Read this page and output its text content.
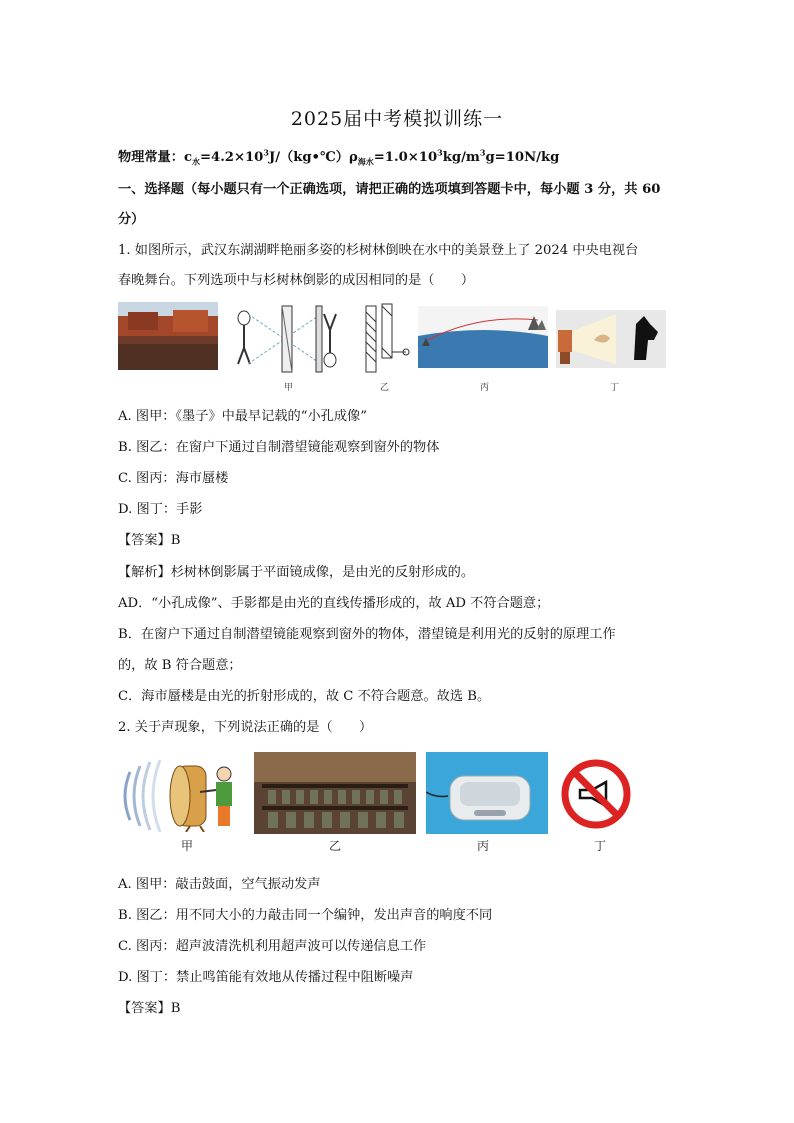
2025届中考模拟训练一
物理常量：$c_水=4.2\times 10^3J/(kg•℃)\rho_{海水}=1.0\times 10^3kg/m^3g=10N/kg$
一、选择题（每小题只有一个正确选项，请把正确的选项填到答题卡中，每小题 3 分，共 60
分）
1. 如图所示，武汉东湖湖畔艳丽多姿的杉树林倒映在水中的美景登上了 2024 中央电视台
春晚舞台。下列选项中与杉树林倒影的成因相同的是（　　）
甲	乙	丙	丁
A. 图甲：《墨子》中最早记载的“小孔成像”
B. 图乙：在窗户下通过自制潜望镜能观察到窗外的物体
C. 图丙：海市蜃楼
D. 图丁：手影
【答案】B
【解析】杉树林倒影属于平面镜成像，是由光的反射形成的。
AD．“小孔成像”、手影都是由光的直线传播形成的，故 AD 不符合题意；
B．在窗户下通过自制潜望镜能观察到窗外的物体，潜望镜是利用光的反射的原理工作
的，故 B 符合题意；
C．海市蜃楼是由光的折射形成的，故 C 不符合题意。故选 B。
2. 关于声现象，下列说法正确的是（　　）
甲	乙	丙	丁
A. 图甲：敲击鼓面，空气振动发声
B. 图乙：用不同大小的力敲击同一个编钟，发出声音的响度不同
C. 图丙：超声波清洗机利用超声波可以传递信息工作
D. 图丁：禁止鸣笛能有效地从传播过程中阻断噪声
【答案】B
